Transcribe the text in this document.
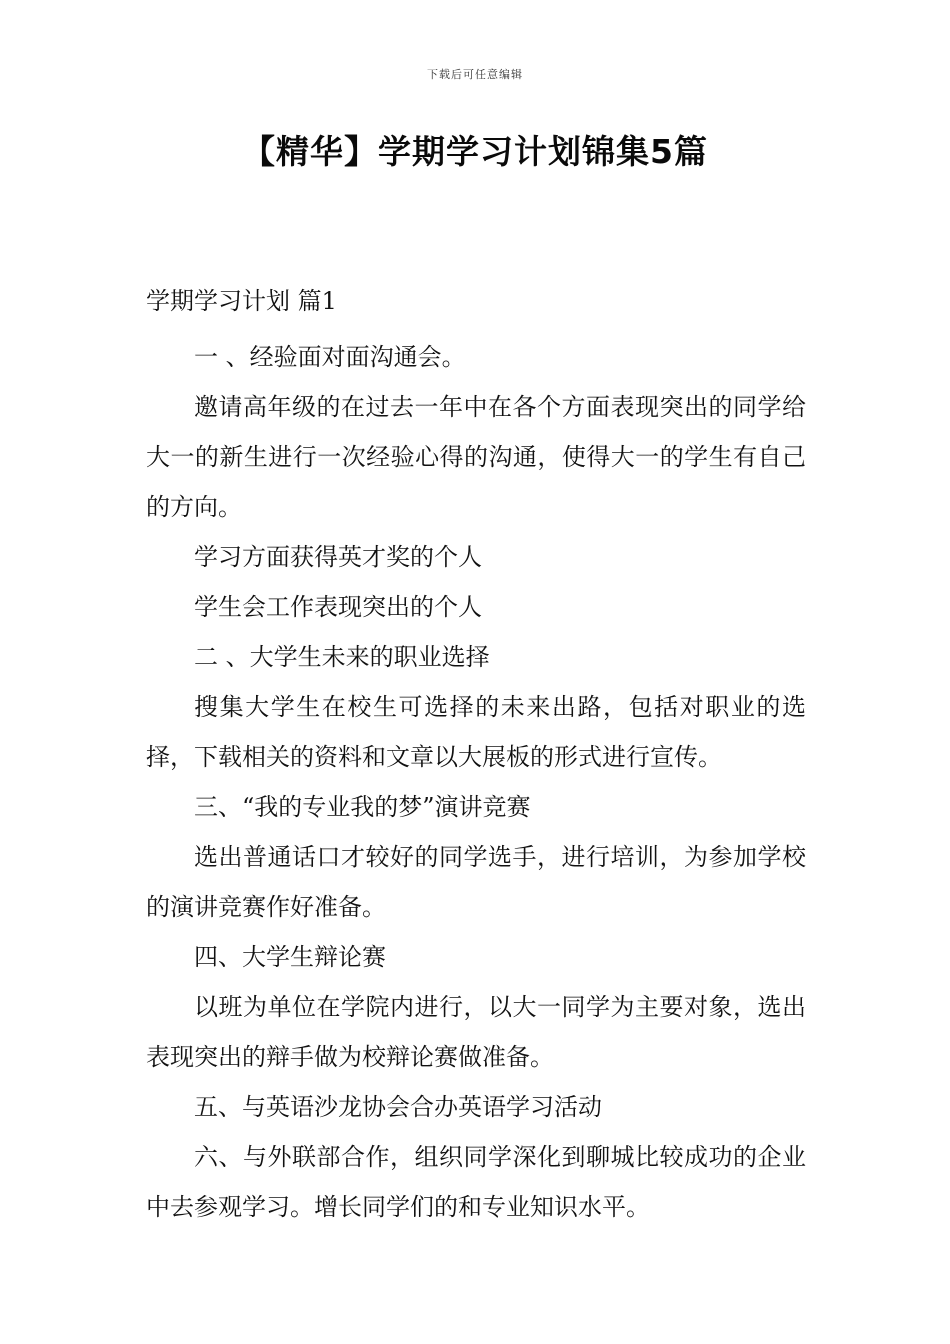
下载后可任意编辑
【精华】学期学习计划锦集5篇
学期学习计划 篇1

一 、经验面对面沟通会。

邀请高年级的在过去一年中在各个方面表现突出的同学给大一的新生进行一次经验心得的沟通，使得大一的学生有自己的方向。

学习方面获得英才奖的个人

学生会工作表现突出的个人

二 、大学生未来的职业选择

搜集大学生在校生可选择的未来出路，包括对职业的选择，下载相关的资料和文章以大展板的形式进行宣传。

三、“我的专业我的梦”演讲竞赛

选出普通话口才较好的同学选手，进行培训，为参加学校的演讲竞赛作好准备。

四、大学生辩论赛

以班为单位在学院内进行，以大一同学为主要对象，选出表现突出的辩手做为校辩论赛做准备。

五、与英语沙龙协会合办英语学习活动

六、与外联部合作，组织同学深化到聊城比较成功的企业中去参观学习。增长同学们的和专业知识水平。
